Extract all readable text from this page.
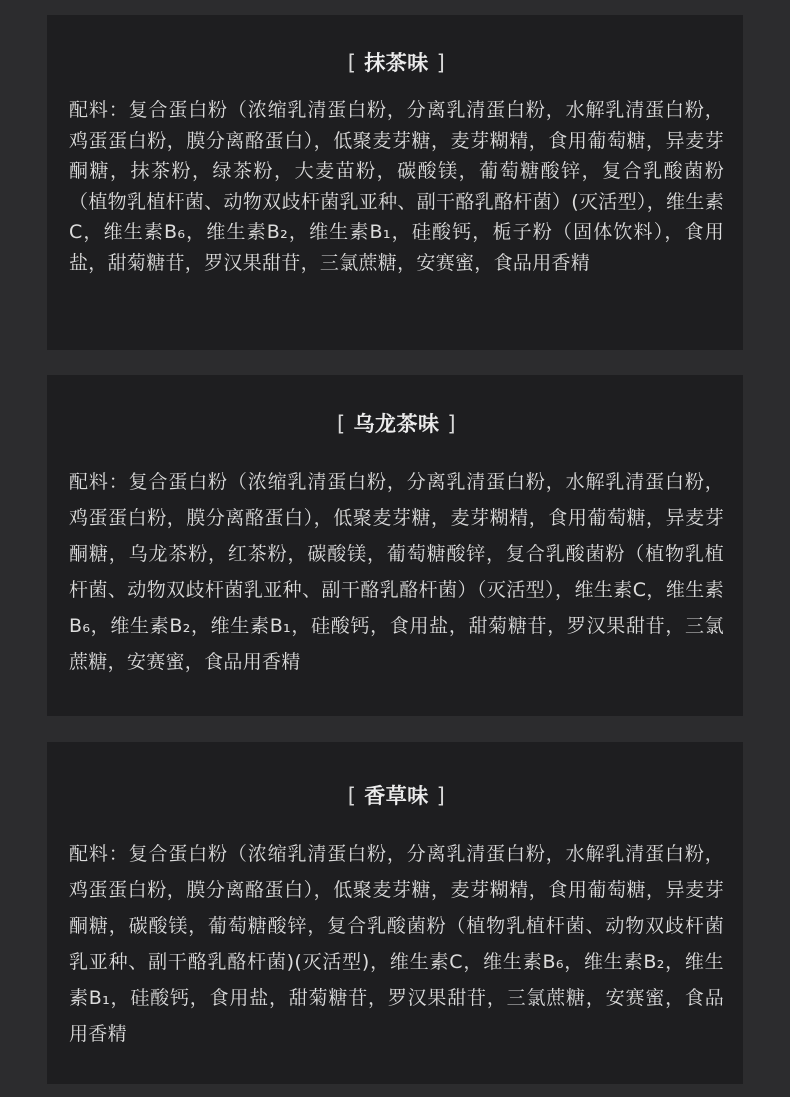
[ 抹茶味 ]
配料：复合蛋白粉（浓缩乳清蛋白粉，分离乳清蛋白粉，水解乳清蛋白粉，鸡蛋蛋白粉，膜分离酪蛋白），低聚麦芽糖，麦芽糊精，食用葡萄糖，异麦芽酮糖，抹茶粉，绿茶粉，大麦苗粉，碳酸镁，葡萄糖酸锌，复合乳酸菌粉（植物乳植杆菌、动物双歧杆菌乳亚种、副干酪乳酪杆菌）(灭活型），维生素C，维生素B₆，维生素B₂，维生素B₁，硅酸钙，栀子粉（固体饮料），食用盐，甜菊糖苷，罗汉果甜苷，三氯蔗糖，安赛蜜，食品用香精
[ 乌龙茶味 ]
配料：复合蛋白粉（浓缩乳清蛋白粉，分离乳清蛋白粉，水解乳清蛋白粉，鸡蛋蛋白粉，膜分离酪蛋白），低聚麦芽糖，麦芽糊精，食用葡萄糖，异麦芽酮糖，乌龙茶粉，红茶粉，碳酸镁，葡萄糖酸锌，复合乳酸菌粉（植物乳植杆菌、动物双歧杆菌乳亚种、副干酪乳酪杆菌）（灭活型），维生素C，维生素B₆，维生素B₂，维生素B₁，硅酸钙，食用盐，甜菊糖苷，罗汉果甜苷，三氯蔗糖，安赛蜜，食品用香精
[ 香草味 ]
配料：复合蛋白粉（浓缩乳清蛋白粉，分离乳清蛋白粉，水解乳清蛋白粉，鸡蛋蛋白粉，膜分离酪蛋白），低聚麦芽糖，麦芽糊精，食用葡萄糖，异麦芽酮糖，碳酸镁，葡萄糖酸锌，复合乳酸菌粉（植物乳植杆菌、动物双歧杆菌乳亚种、副干酪乳酪杆菌)(灭活型)，维生素C，维生素B₆，维生素B₂，维生素B₁，硅酸钙，食用盐，甜菊糖苷，罗汉果甜苷，三氯蔗糖，安赛蜜，食品用香精
